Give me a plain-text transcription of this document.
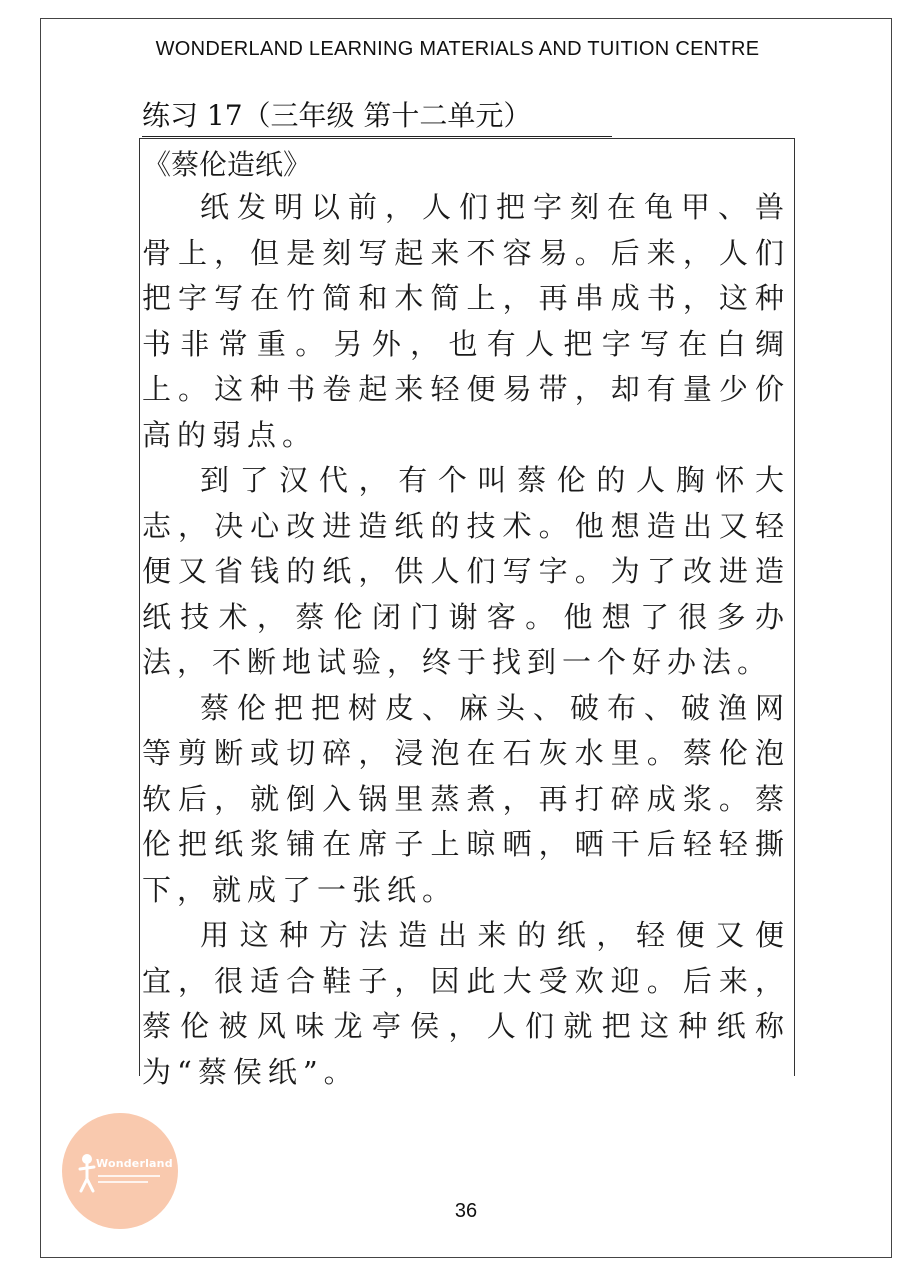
WONDERLAND LEARNING MATERIALS AND TUITION CENTRE
练习 17（三年级 第十二单元）
《蔡伦造纸》

纸发明以前，人们把字刻在龟甲、兽骨上，但是刻写起来不容易。后来，人们把字写在竹简和木简上，再串成书，这种书非常重。另外，也有人把字写在白绸上。这种书卷起来轻便易带，却有量少价高的弱点。

到了汉代，有个叫蔡伦的人胸怀大志，决心改进造纸的技术。他想造出又轻便又省钱的纸，供人们写字。为了改进造纸技术，蔡伦闭门谢客。他想了很多办法，不断地试验，终于找到一个好办法。

蔡伦把把树皮、麻头、破布、破渔网等剪断或切碎，浸泡在石灰水里。蔡伦泡软后，就倒入锅里蒸煮，再打碎成浆。蔡伦把纸浆铺在席子上晾晒，晒干后轻轻撕下，就成了一张纸。

用这种方法造出来的纸，轻便又便宜，很适合鞋子，因此大受欢迎。后来，蔡伦被风味龙亭侯，人们就把这种纸称为“蔡侯纸”。

Wonderland
36
